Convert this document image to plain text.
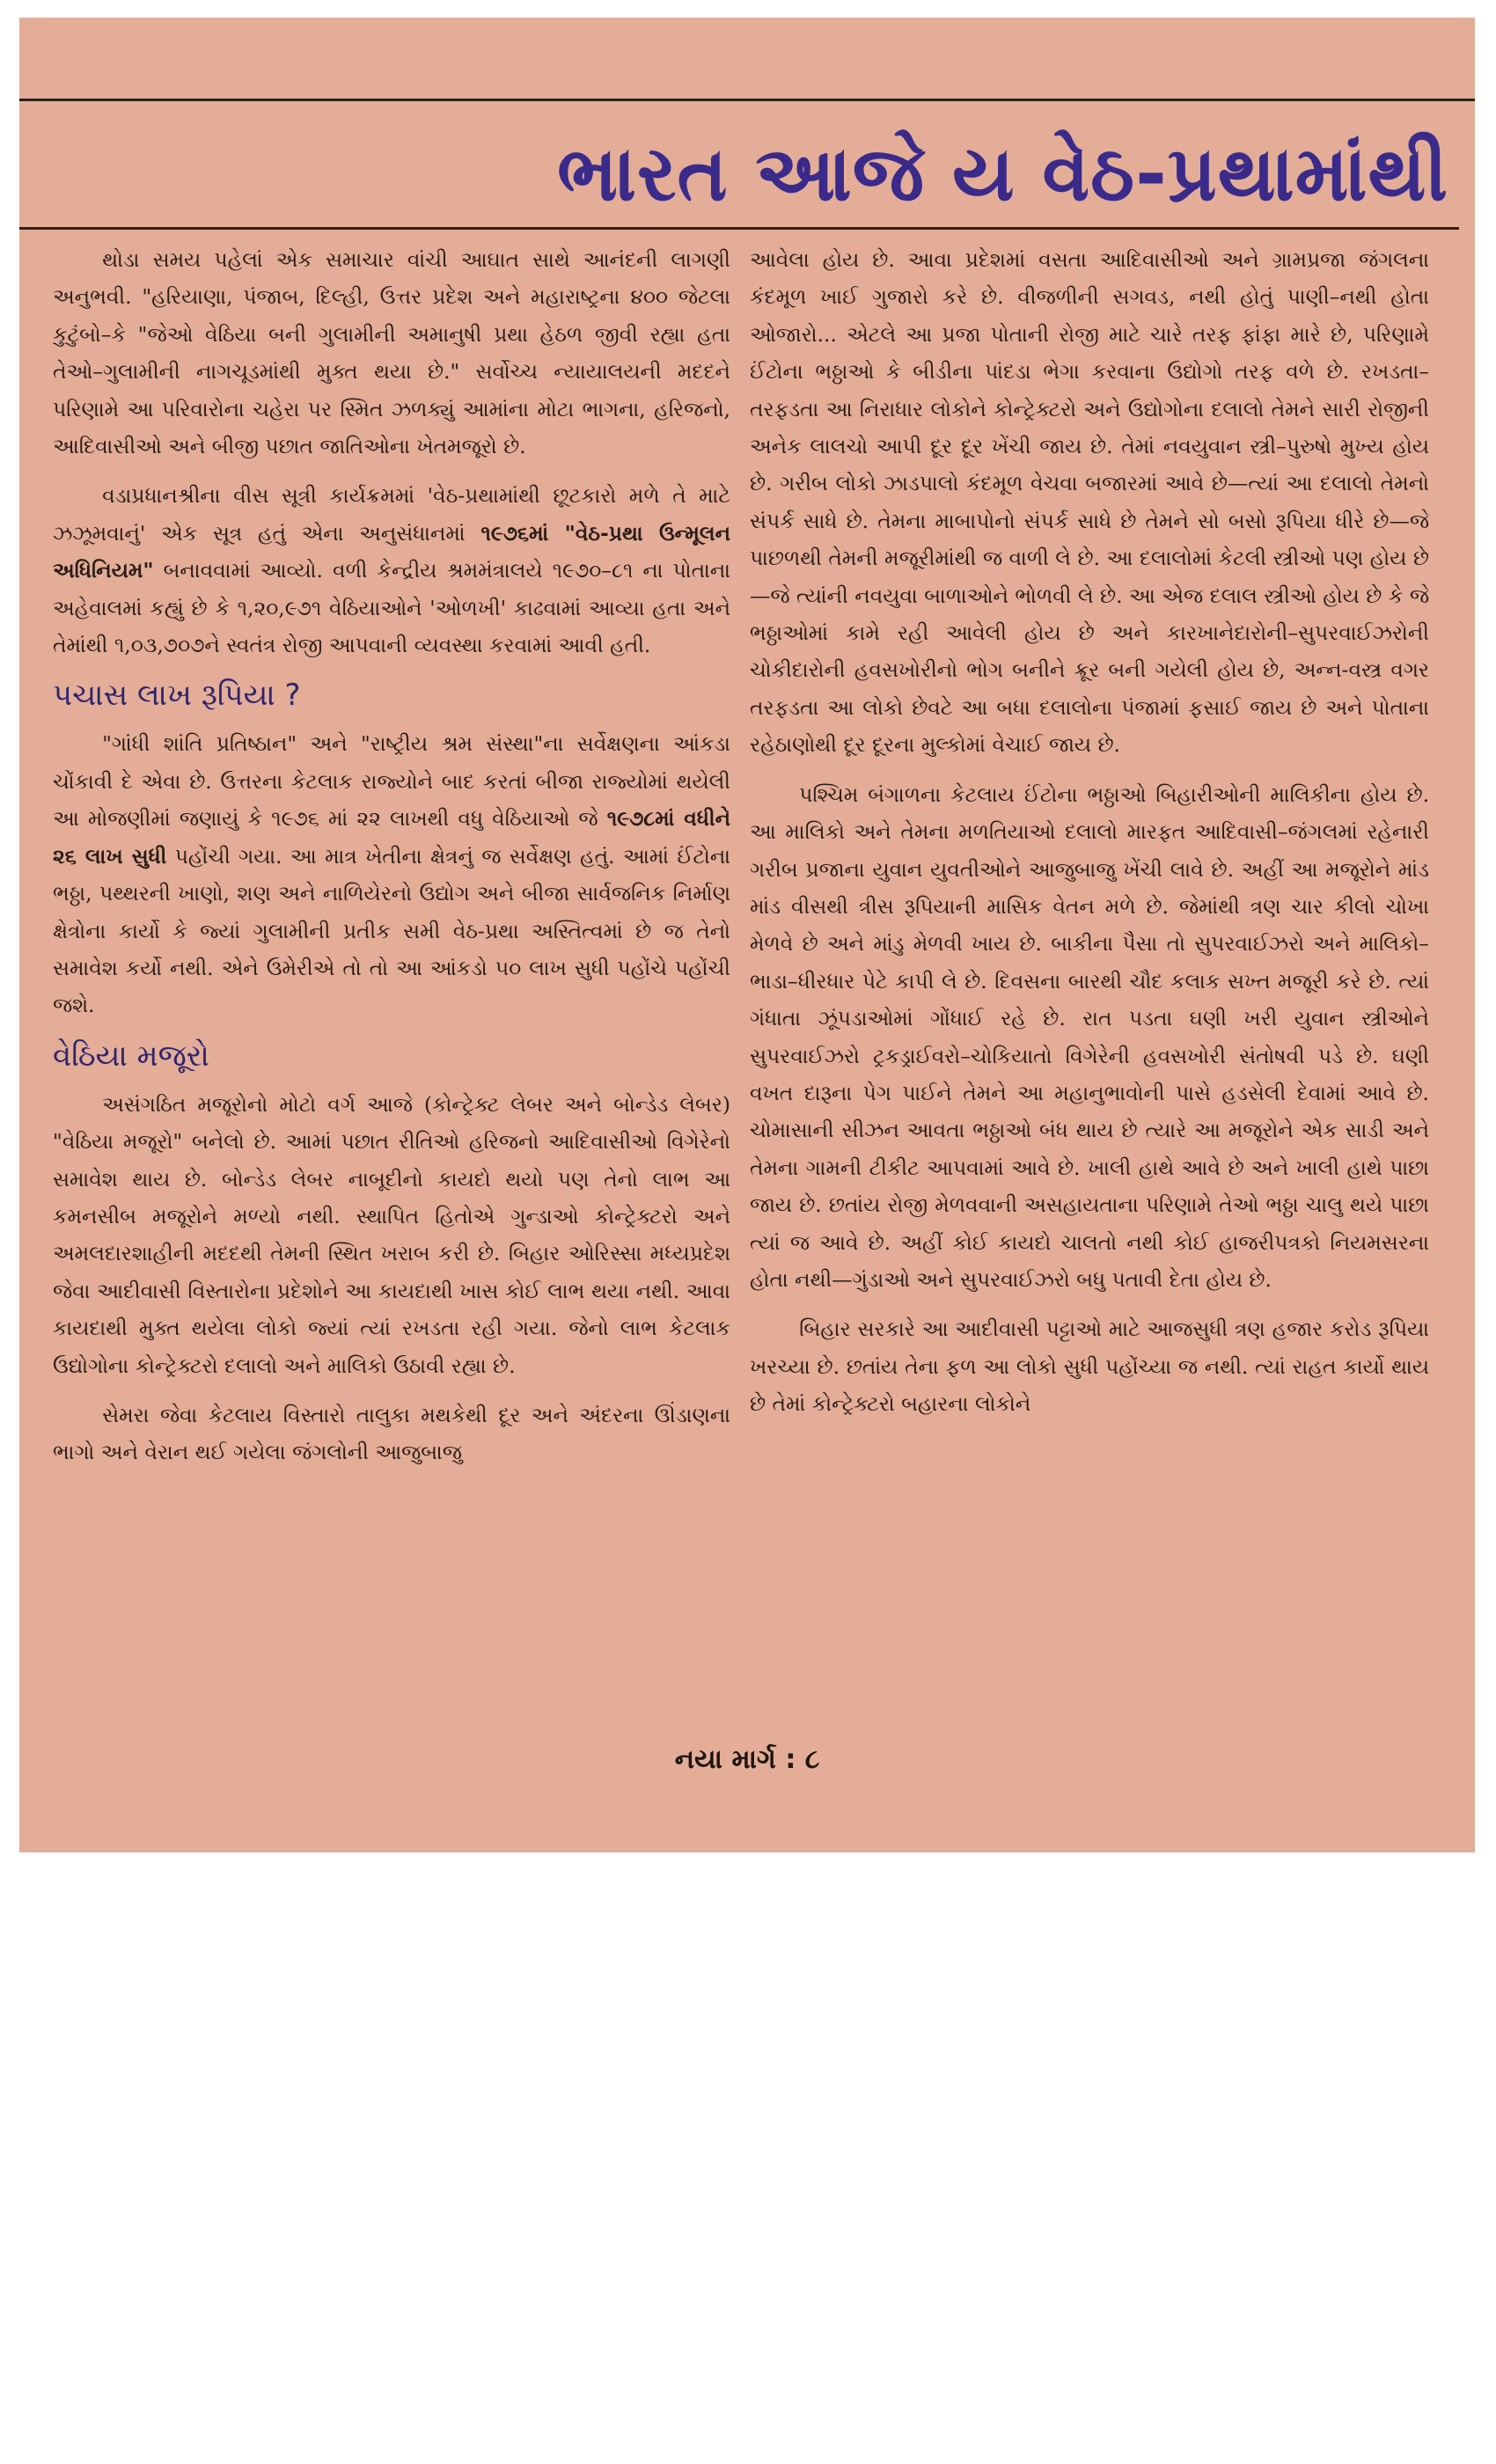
ભારત આજે ય વેઠ-પ્રથામાંથી

થોડા સમય પહેલાં એક સમાચાર વાંચી આઘાત સાથે આનંદની લાગણી અનુભવી. "હરિયાણા, પંજાબ, દિલ્હી, ઉત્તર પ્રદેશ અને મહારાષ્ટ્રના ૪૦૦ જેટલા કુટુંબો–કે "જેઓ વેઠિયા બની ગુલામીની અમાનુષી પ્રથા હેઠળ જીવી રહ્યા હતા તેઓ–ગુલામીની નાગચૂડમાંથી મુક્ત થયા છે." સર્વોચ્ચ ન્યાયાલયની મદદને પરિણામે આ પરિવારોના ચહેરા પર સ્મિત ઝળક્યું આમાંના મોટા ભાગના, હરિજનો, આદિવાસીઓ અને બીજી પછાત જાતિઓના ખેતમજૂરો છે.

વડાપ્રધાનશ્રીના વીસ સૂત્રી કાર્યક્રમમાં 'વેઠ-પ્રથામાંથી છૂટકારો મળે તે માટે ઝઝૂમવાનું' એક સૂત્ર હતું એના અનુસંધાનમાં ૧૯૭૬માં "વેઠ-પ્રથા ઉન્મૂલન અધિનિયમ" બનાવવામાં આવ્યો. વળી કેન્દ્રીય શ્રમમંત્રાલયે ૧૯૭૦–૮૧ ના પોતાના અહેવાલમાં કહ્યું છે કે ૧,૨૦,૯૭૧ વેઠિયાઓને 'ઓળખી' કાઢવામાં આવ્યા હતા અને તેમાંથી ૧,૦૩,૭૦૭ને સ્વતંત્ર રોજી આપવાની વ્યવસ્થા કરવામાં આવી હતી.

પચાસ લાખ રૂપિયા ?

"ગાંધી શાંતિ પ્રતિષ્ઠાન" અને "રાષ્ટ્રીય શ્રમ સંસ્થા"ના સર્વેક્ષણના આંકડા ચોંકાવી દે એવા છે. ઉત્તરના કેટલાક રાજ્યોને બાદ કરતાં બીજા રાજ્યોમાં થયેલી આ મોજણીમાં જણાયું કે ૧૯૭૬ માં ૨૨ લાખથી વધુ વેઠિયાઓ જે ૧૯૭૮માં વધીને ૨૬ લાખ સુધી પહોંચી ગયા. આ માત્ર ખેતીના ક્ષેત્રનું જ સર્વેક્ષણ હતું. આમાં ઈંટોના ભઠ્ઠા, પથ્થરની ખાણો, શણ અને નાળિયેરનો ઉદ્યોગ અને બીજા સાર્વજનિક નિર્માણ ક્ષેત્રોના કાર્યો કે જ્યાં ગુલામીની પ્રતીક સમી વેઠ-પ્રથા અસ્તિત્વમાં છે જ તેનો સમાવેશ કર્યો નથી. એને ઉમેરીએ તો તો આ આંકડો ૫૦ લાખ સુધી પહોંચે પહોંચી જશે.

વેઠિયા મજૂરો

અસંગઠિત મજૂરોનો મોટો વર્ગ આજે (કોન્ટ્રેક્ટ લેબર અને બોન્ડેડ લેબર) "વેઠિયા મજૂરો" બનેલો છે. આમાં પછાત રીતિઓ હરિજનો આદિવાસીઓ વિગેરેનો સમાવેશ થાય છે. બોન્ડેડ લેબર નાબૂદીનો કાયદો થયો પણ તેનો લાભ આ કમનસીબ મજૂરોને મળ્યો નથી. સ્થાપિત હિતોએ ગુન્ડાઓ કોન્ટ્રેક્ટરો અને અમલદારશાહીની મદદથી તેમની સ્થિત ખરાબ કરી છે. બિહાર ઓરિસ્સા મધ્યપ્રદેશ જેવા આદીવાસી વિસ્તારોના પ્રદેશોને આ કાયદાથી ખાસ કોઈ લાભ થયા નથી. આવા કાયદાથી મુક્ત થયેલા લોકો જ્યાં ત્યાં રખડતા રહી ગયા. જેનો લાભ કેટલાક ઉદ્યોગોના કોન્ટ્રેક્ટરો દલાલો અને માલિકો ઉઠાવી રહ્યા છે.

સેમરા જેવા કેટલાય વિસ્તારો તાલુકા મથકેથી દૂર અને અંદરના ઊંડાણના ભાગો અને વેરાન થઈ ગયેલા જંગલોની આજુબાજુ

આવેલા હોય છે. આવા પ્રદેશમાં વસતા આદિવાસીઓ અને ગ્રામપ્રજા જંગલના કંદમૂળ ખાઈ ગુજારો કરે છે. વીજળીની સગવડ, નથી હોતું પાણી–નથી હોતા ઓજારો... એટલે આ પ્રજા પોતાની રોજી માટે ચારે તરફ ફાંફા મારે છે, પરિણામે ઈંટોના ભઠ્ઠાઓ કે બીડીના પાંદડા ભેગા કરવાના ઉદ્યોગો તરફ વળે છે. રખડતા–તરફડતા આ નિરાધાર લોકોને કોન્ટ્રેક્ટરો અને ઉદ્યોગોના દલાલો તેમને સારી રોજીની અનેક લાલચો આપી દૂર દૂર ખેંચી જાય છે. તેમાં નવયુવાન સ્ત્રી–પુરુષો મુખ્ય હોય છે. ગરીબ લોકો ઝાડપાલો કંદમૂળ વેચવા બજારમાં આવે છે—ત્યાં આ દલાલો તેમનો સંપર્ક સાધે છે. તેમના માબાપોનો સંપર્ક સાધે છે તેમને સો બસો રૂપિયા ધીરે છે—જે પાછળથી તેમની મજૂરીમાંથી જ વાળી લે છે. આ દલાલોમાં કેટલી સ્ત્રીઓ પણ હોય છે—જે ત્યાંની નવયુવા બાળાઓને ભોળવી લે છે. આ એજ દલાલ સ્ત્રીઓ હોય છે કે જે ભઠ્ઠાઓમાં કામે રહી આવેલી હોય છે અને કારખાનેદારોની–સુપરવાઈઝરોની ચોકીદારોની હવસખોરીનો ભોગ બનીને ક્રૂર બની ગયેલી હોય છે, અન્ન-વસ્ત્ર વગર તરફડતા આ લોકો છેવટે આ બધા દલાલોના પંજામાં ફસાઈ જાય છે અને પોતાના રહેઠાણોથી દૂર દૂરના મુલ્કોમાં વેચાઈ જાય છે.

પશ્ચિમ બંગાળના કેટલાય ઈંટોના ભઠ્ઠાઓ બિહારીઓની માલિકીના હોય છે. આ માલિકો અને તેમના મળતિયાઓ દલાલો મારફત આદિવાસી–જંગલમાં રહેનારી ગરીબ પ્રજાના યુવાન યુવતીઓને આજુબાજુ ખેંચી લાવે છે. અહીં આ મજૂરોને માંડ માંડ વીસથી ત્રીસ રૂપિયાની માસિક વેતન મળે છે. જેમાંથી ત્રણ ચાર કીલો ચોખા મેળવે છે અને માંડુ મેળવી ખાય છે. બાકીના પૈસા તો સુપરવાઈઝરો અને માલિકો–ભાડા–ધીરધાર પેટે કાપી લે છે. દિવસના બારથી ચૌદ કલાક સખ્ત મજૂરી કરે છે. ત્યાં ગંધાતા ઝૂંપડાઓમાં ગોંધાઈ રહે છે. રાત પડતા ઘણી ખરી યુવાન સ્ત્રીઓને સુપરવાઈઝરો ટ્રકડ્રાઈવરો–ચોકિયાતો વિગેરેની હવસખોરી સંતોષવી પડે છે. ઘણી વખત દારૂના પેગ પાઈને તેમને આ મહાનુભાવોની પાસે હડસેલી દેવામાં આવે છે. ચોમાસાની સીઝન આવતા ભઠ્ઠાઓ બંધ થાય છે ત્યારે આ મજૂરોને એક સાડી અને તેમના ગામની ટીકીટ આપવામાં આવે છે. ખાલી હાથે આવે છે અને ખાલી હાથે પાછા જાય છે. છતાંય રોજી મેળવવાની અસહાયતાના પરિણામે તેઓ ભઠ્ઠા ચાલુ થયે પાછા ત્યાં જ આવે છે. અહીં કોઈ કાયદો ચાલતો નથી કોઈ હાજરીપત્રકો નિયમસરના હોતા નથી—ગુંડાઓ અને સુપરવાઈઝરો બધુ પતાવી દેતા હોય છે.

બિહાર સરકારે આ આદીવાસી પટ્ટાઓ માટે આજસુધી ત્રણ હજાર કરોડ રૂપિયા ખરચ્યા છે. છતાંય તેના ફળ આ લોકો સુધી પહોંચ્યા જ નથી. ત્યાં રાહત કાર્યો થાય છે તેમાં કોન્ટ્રેક્ટરો બહારના લોકોને

નયા માર્ગ : ૮
